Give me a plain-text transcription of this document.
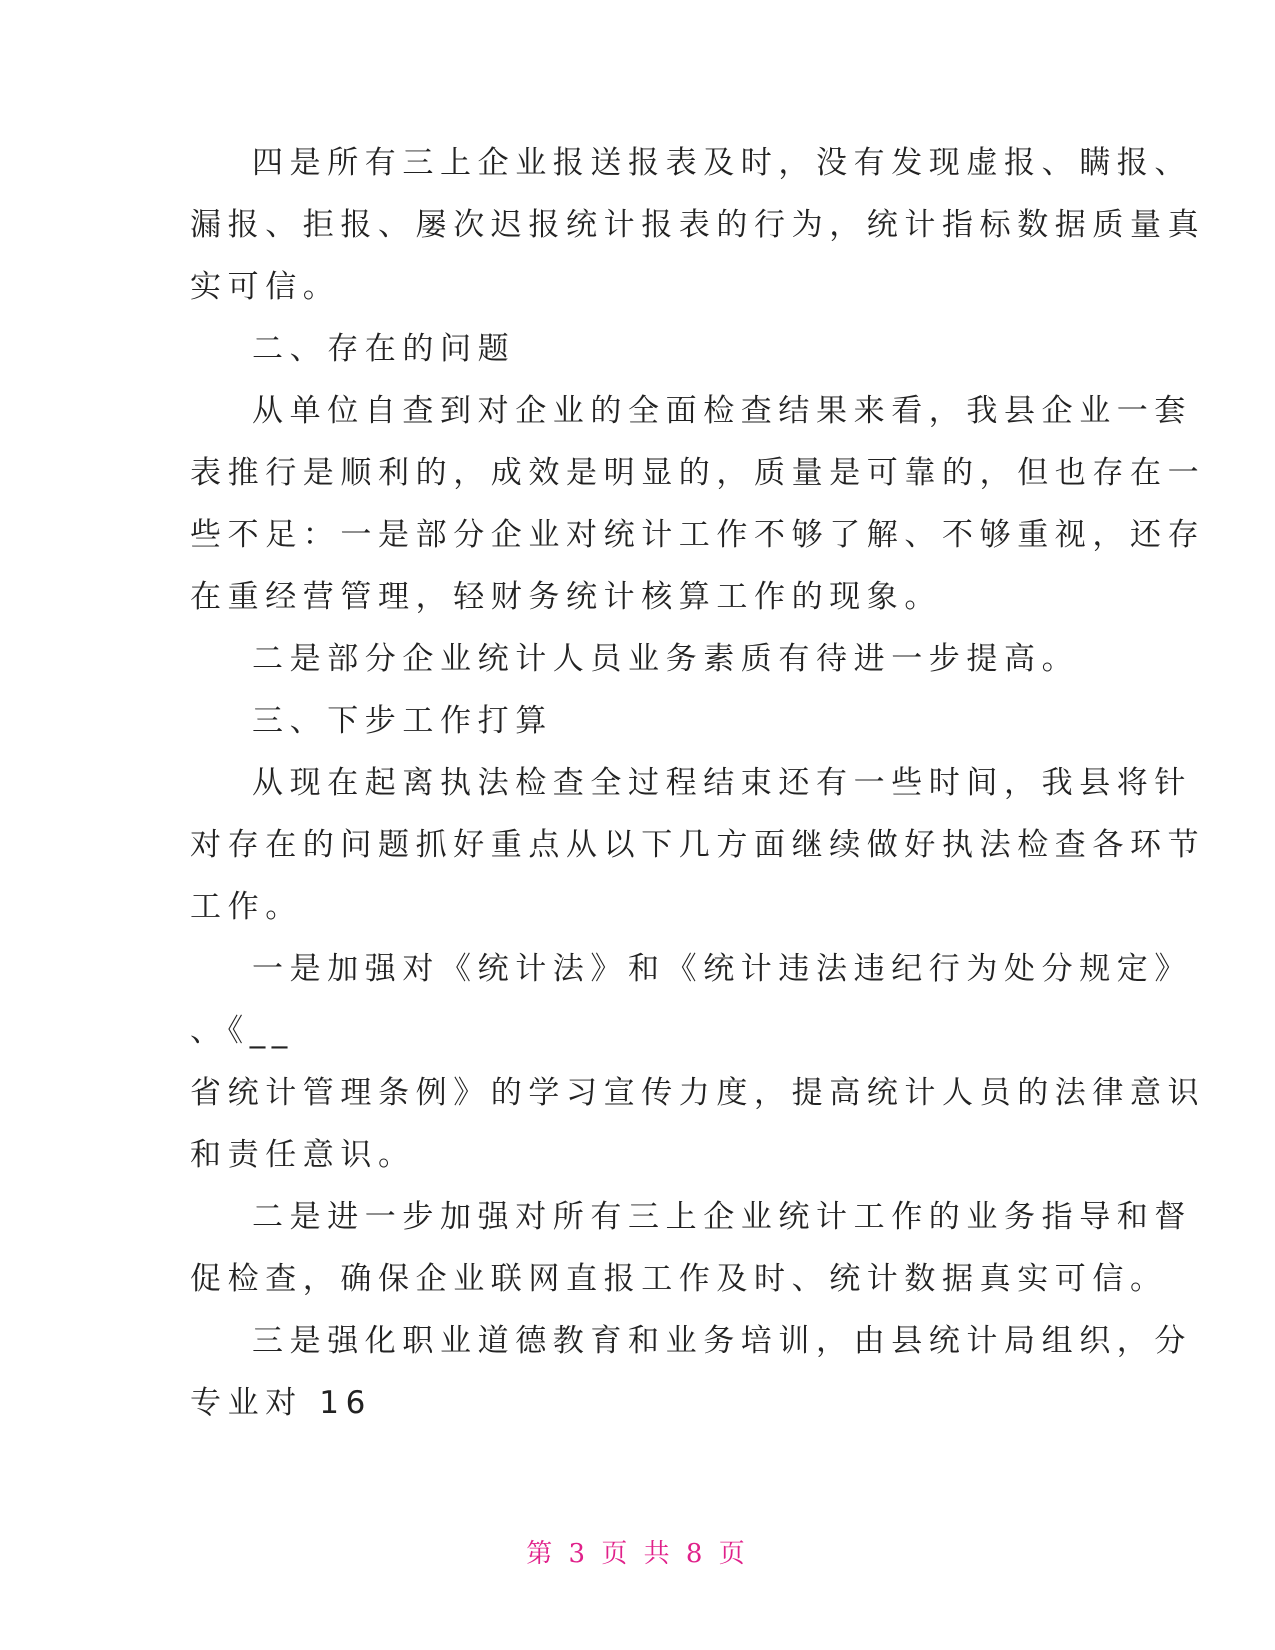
四是所有三上企业报送报表及时，没有发现虚报、瞒报、
漏报、拒报、屡次迟报统计报表的行为，统计指标数据质量真
实可信。
二、存在的问题
从单位自查到对企业的全面检查结果来看，我县企业一套
表推行是顺利的，成效是明显的，质量是可靠的，但也存在一
些不足：一是部分企业对统计工作不够了解、不够重视，还存
在重经营管理，轻财务统计核算工作的现象。
二是部分企业统计人员业务素质有待进一步提高。
三、下步工作打算
从现在起离执法检查全过程结束还有一些时间，我县将针
对存在的问题抓好重点从以下几方面继续做好执法检查各环节
工作。
一是加强对《统计法》和《统计违法违纪行为处分规定》
、《__
省统计管理条例》的学习宣传力度，提高统计人员的法律意识
和责任意识。
二是进一步加强对所有三上企业统计工作的业务指导和督
促检查，确保企业联网直报工作及时、统计数据真实可信。
三是强化职业道德教育和业务培训，由县统计局组织，分
专业对 16
第 3 页 共 8 页
